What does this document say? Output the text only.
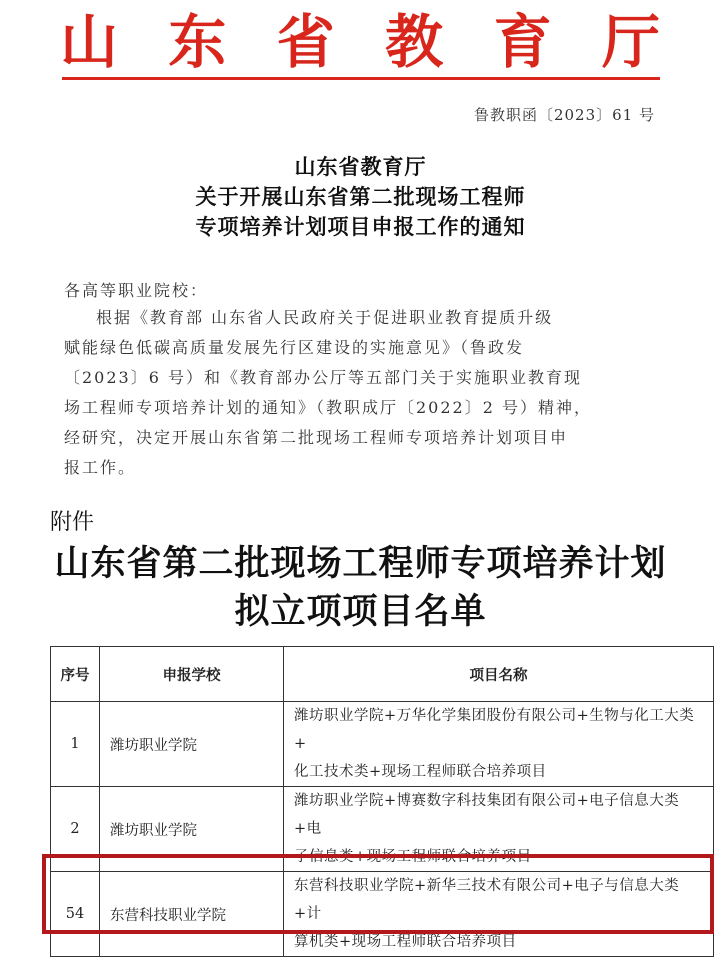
山 东 省 教 育 厅
鲁教职函〔2023〕61 号
山东省教育厅
关于开展山东省第二批现场工程师
专项培养计划项目申报工作的通知
各高等职业院校：
根据《教育部 山东省人民政府关于促进职业教育提质升级
赋能绿色低碳高质量发展先行区建设的实施意见》（鲁政发
〔2023〕6 号）和《教育部办公厅等五部门关于实施职业教育现
场工程师专项培养计划的通知》（教职成厅〔2022〕2 号）精神，
经研究，决定开展山东省第二批现场工程师专项培养计划项目申
报工作。
附件
山东省第二批现场工程师专项培养计划
拟立项项目名单
序号	申报学校	项目名称
1	潍坊职业学院	潍坊职业学院+万华化学集团股份有限公司+生物与化工大类+
化工技术类+现场工程师联合培养项目

2	潍坊职业学院	潍坊职业学院+博赛数字科技集团有限公司+电子信息大类+电
子信息类+现场工程师联合培养项目

54	东营科技职业学院	东营科技职业学院+新华三技术有限公司+电子与信息大类+计
算机类+现场工程师联合培养项目
